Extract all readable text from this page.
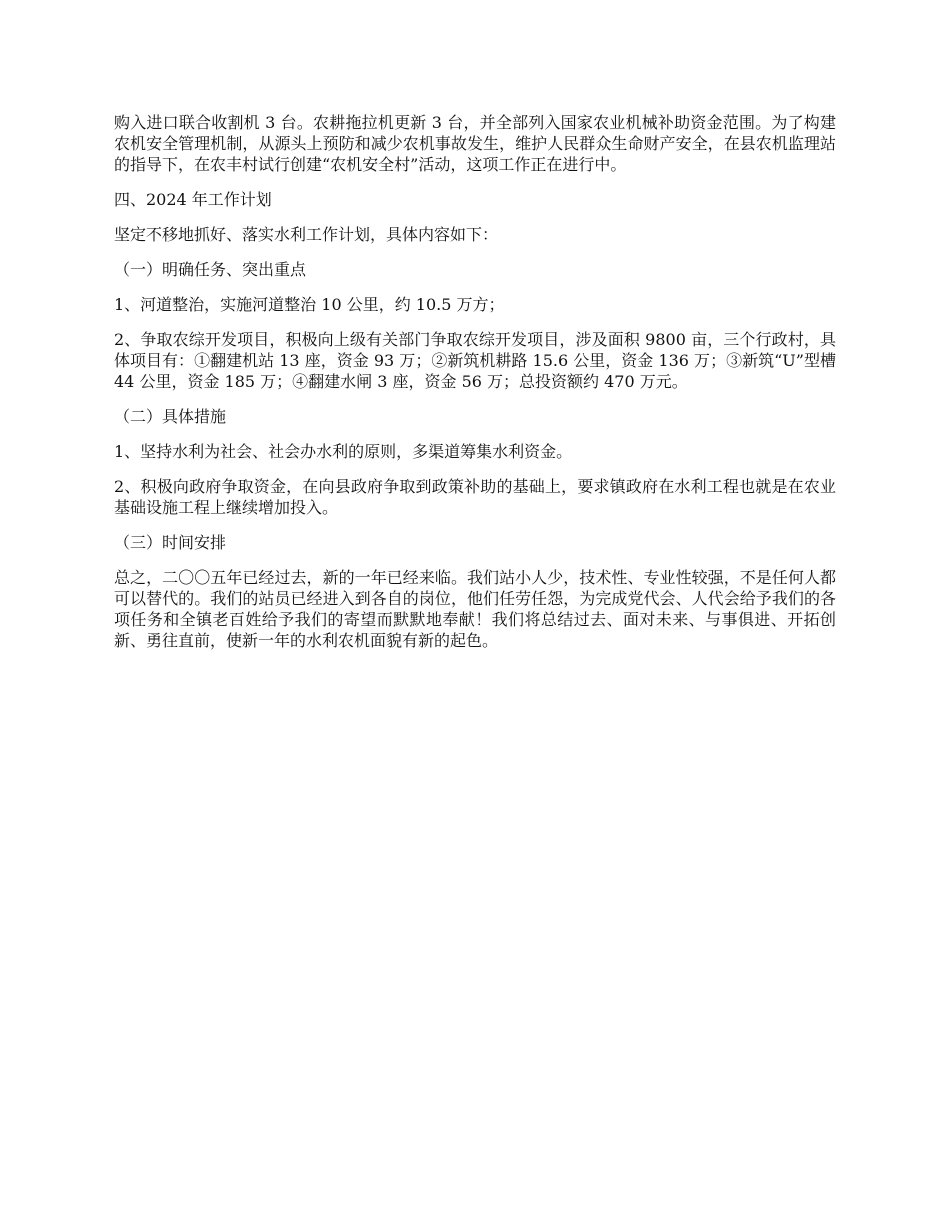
购入进口联合收割机 3 台。农耕拖拉机更新 3 台，并全部列入国家农业机械补助资金范围。为了构建农机安全管理机制，从源头上预防和减少农机事故发生，维护人民群众生命财产安全，在县农机监理站的指导下，在农丰村试行创建“农机安全村”活动，这项工作正在进行中。

四、2024 年工作计划

坚定不移地抓好、落实水利工作计划，具体内容如下：

（一）明确任务、突出重点

1、河道整治，实施河道整治 10 公里，约 10.5 万方；

2、争取农综开发项目，积极向上级有关部门争取农综开发项目，涉及面积 9800 亩，三个行政村，具体项目有：①翻建机站 13 座，资金 93 万；②新筑机耕路 15.6 公里，资金 136 万；③新筑“U”型槽 44 公里，资金 185 万；④翻建水闸 3 座，资金 56 万；总投资额约 470 万元。

（二）具体措施

1、坚持水利为社会、社会办水利的原则，多渠道筹集水利资金。

2、积极向政府争取资金，在向县政府争取到政策补助的基础上，要求镇政府在水利工程也就是在农业基础设施工程上继续增加投入。

（三）时间安排

总之，二〇〇五年已经过去，新的一年已经来临。我们站小人少，技术性、专业性较强，不是任何人都可以替代的。我们的站员已经进入到各自的岗位，他们任劳任怨，为完成党代会、人代会给予我们的各项任务和全镇老百姓给予我们的寄望而默默地奉献！我们将总结过去、面对未来、与事俱进、开拓创新、勇往直前，使新一年的水利农机面貌有新的起色。
